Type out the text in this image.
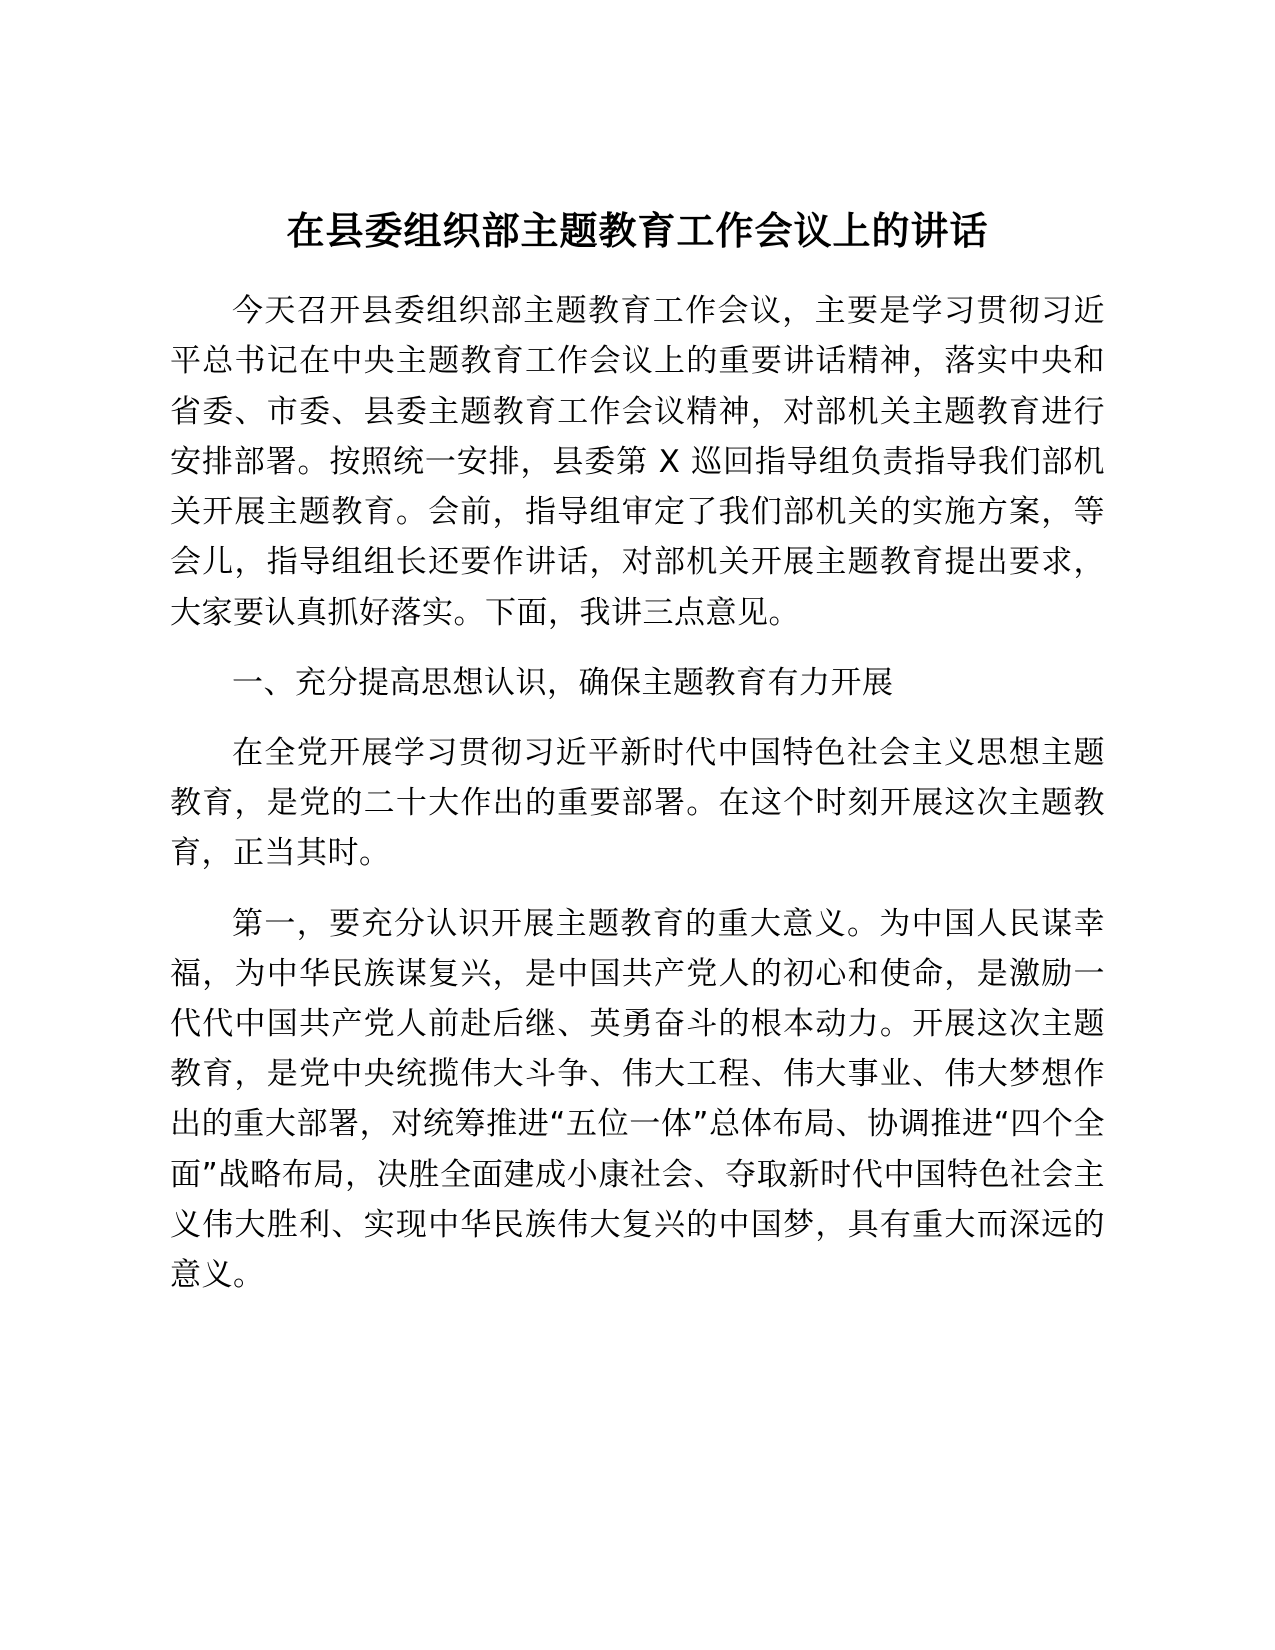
在县委组织部主题教育工作会议上的讲话

今天召开县委组织部主题教育工作会议，主要是学习贯彻习近平总书记在中央主题教育工作会议上的重要讲话精神，落实中央和省委、市委、县委主题教育工作会议精神，对部机关主题教育进行安排部署。按照统一安排，县委第 X 巡回指导组负责指导我们部机关开展主题教育。会前，指导组审定了我们部机关的实施方案，等会儿，指导组组长还要作讲话，对部机关开展主题教育提出要求，大家要认真抓好落实。下面，我讲三点意见。

一、充分提高思想认识，确保主题教育有力开展

在全党开展学习贯彻习近平新时代中国特色社会主义思想主题教育，是党的二十大作出的重要部署。在这个时刻开展这次主题教育，正当其时。

第一，要充分认识开展主题教育的重大意义。为中国人民谋幸福，为中华民族谋复兴，是中国共产党人的初心和使命，是激励一代代中国共产党人前赴后继、英勇奋斗的根本动力。开展这次主题教育，是党中央统揽伟大斗争、伟大工程、伟大事业、伟大梦想作出的重大部署，对统筹推进“五位一体”总体布局、协调推进“四个全面”战略布局，决胜全面建成小康社会、夺取新时代中国特色社会主义伟大胜利、实现中华民族伟大复兴的中国梦，具有重大而深远的意义。
